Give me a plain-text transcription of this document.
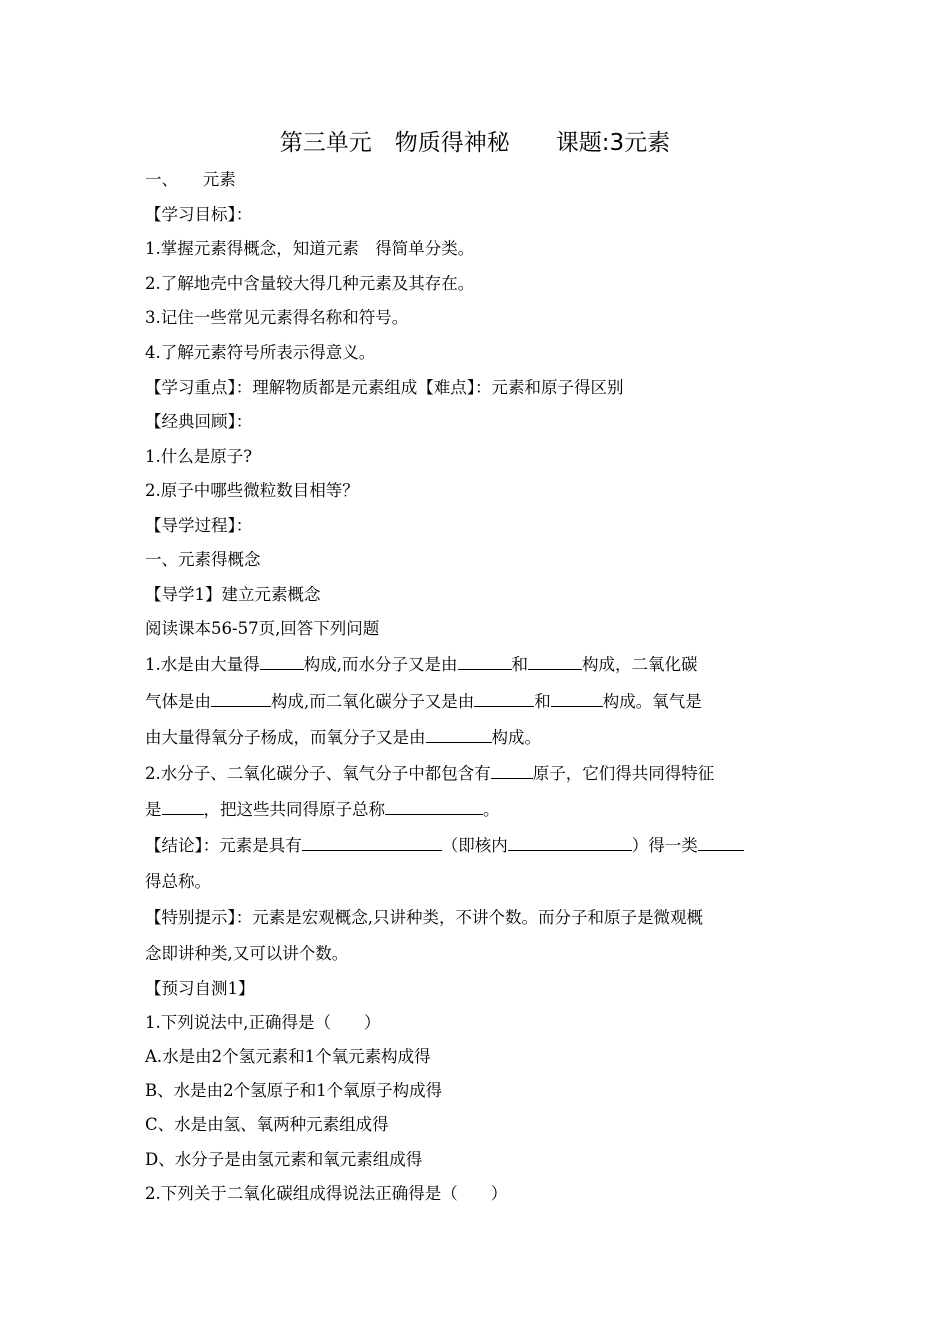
第三单元　物质得神秘　　课题:3元素
一、　　元素
【学习目标】：
1.掌握元素得概念，知道元素　得简单分类。
2.了解地壳中含量较大得几种元素及其存在。
3.记住一些常见元素得名称和符号。
4.了解元素符号所表示得意义。
【学习重点】：理解物质都是元素组成【难点】：元素和原子得区别
【经典回顾】：
1.什么是原子?
2.原子中哪些微粒数目相等？
【导学过程】：
一、元素得概念
【导学1】建立元素概念
阅读课本56-57页,回答下列问题
1.水是由大量得	构成,而水分子又是由	和	构成，二氧化碳
气体是由	构成,而二氧化碳分子又是由	和	构成。氧气是
由大量得氧分子杨成，而氧分子又是由	构成。
2.水分子、二氧化碳分子、氧气分子中都包含有	原子，它们得共同得特征
是	，把这些共同得原子总称	。
【结论】：元素是具有	（即核内	）得一类
得总称。
【特别提示】：元素是宏观概念,只讲种类，不讲个数。而分子和原子是微观概
念即讲种类,又可以讲个数。
【预习自测1】
1.下列说法中,正确得是（　　）
A.水是由2个氢元素和1个氧元素构成得
B、水是由2个氢原子和1个氧原子构成得
C、水是由氢、氧两种元素组成得
D、水分子是由氢元素和氧元素组成得
2.下列关于二氧化碳组成得说法正确得是（　　）
